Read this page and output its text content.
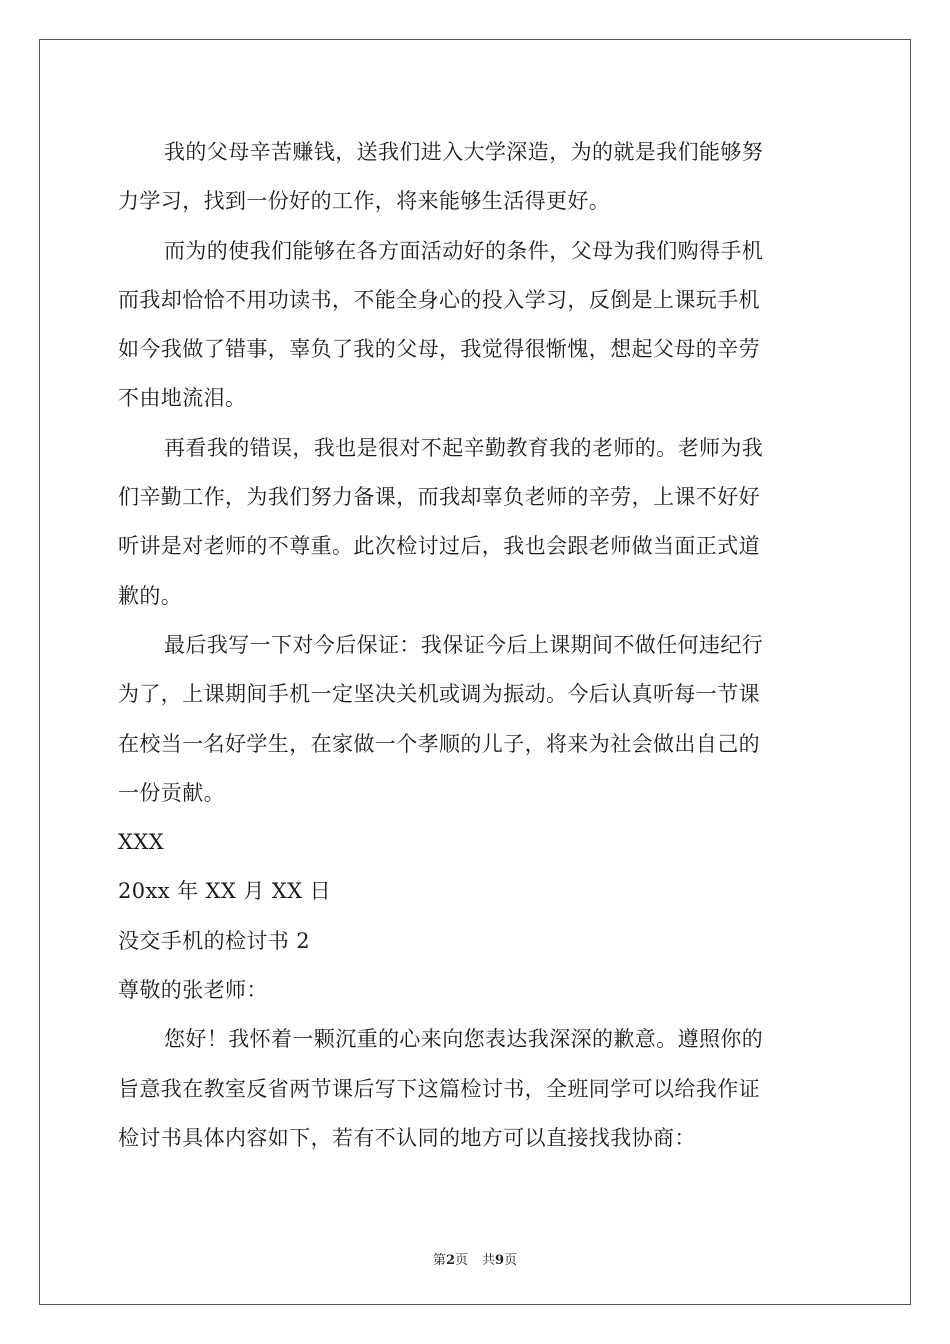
我的父母辛苦赚钱，送我们进入大学深造，为的就是我们能够努
力学习，找到一份好的工作，将来能够生活得更好。
而为的使我们能够在各方面活动好的条件，父母为我们购得手机
而我却恰恰不用功读书，不能全身心的投入学习，反倒是上课玩手机
如今我做了错事，辜负了我的父母，我觉得很惭愧，想起父母的辛劳
不由地流泪。
再看我的错误，我也是很对不起辛勤教育我的老师的。老师为我
们辛勤工作，为我们努力备课，而我却辜负老师的辛劳，上课不好好
听讲是对老师的不尊重。此次检讨过后，我也会跟老师做当面正式道
歉的。
最后我写一下对今后保证：我保证今后上课期间不做任何违纪行
为了，上课期间手机一定坚决关机或调为振动。今后认真听每一节课
在校当一名好学生，在家做一个孝顺的儿子，将来为社会做出自己的
一份贡献。
XXX
20xx 年 XX 月 XX 日
没交手机的检讨书 2
尊敬的张老师：
您好！我怀着一颗沉重的心来向您表达我深深的歉意。遵照你的
旨意我在教室反省两节课后写下这篇检讨书，全班同学可以给我作证
检讨书具体内容如下，若有不认同的地方可以直接找我协商：
第2页 共9页
